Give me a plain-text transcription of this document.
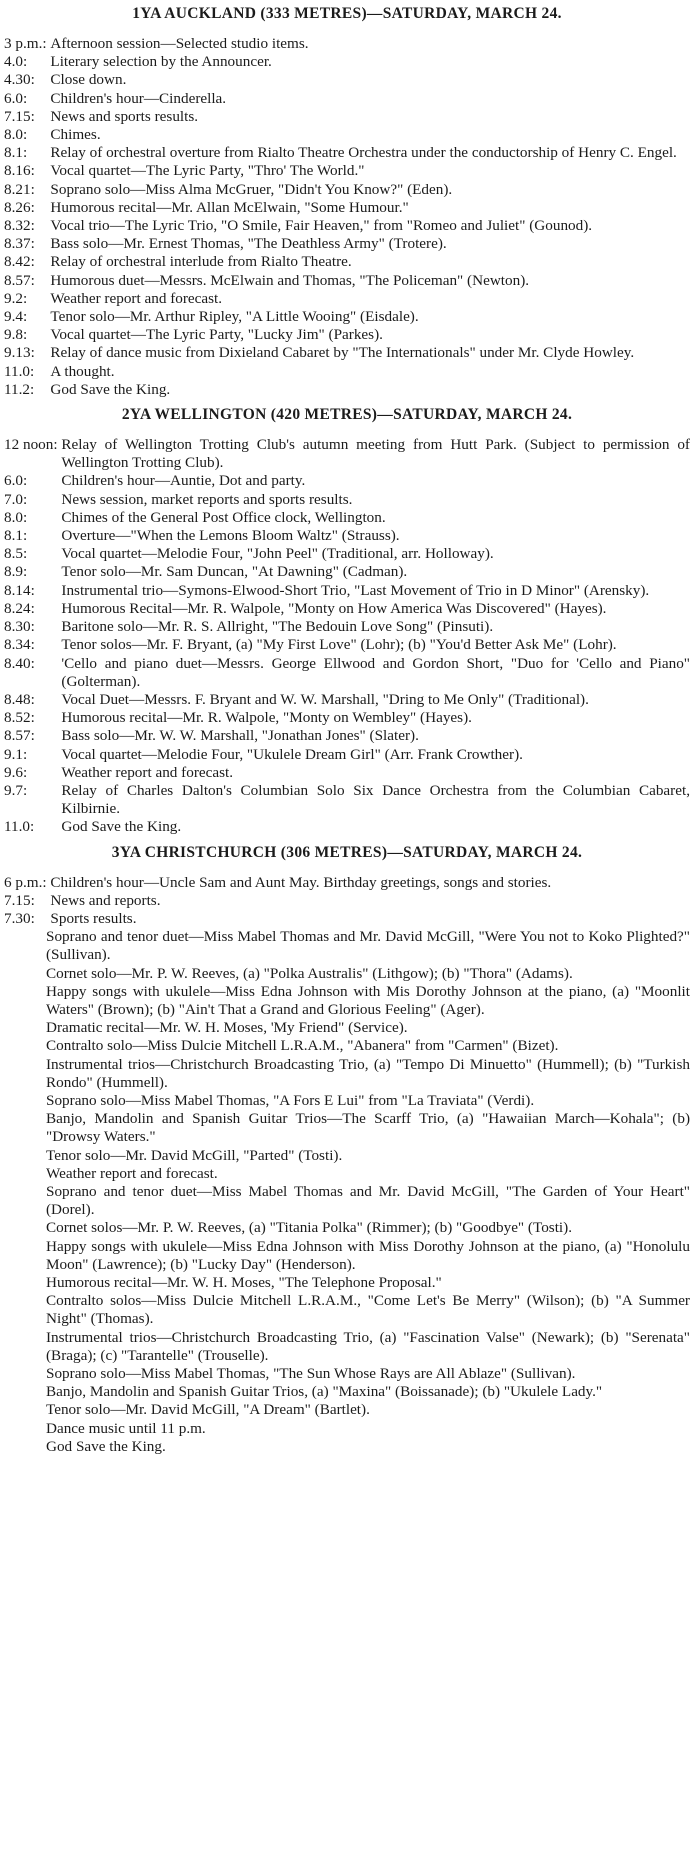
1YA AUCKLAND (333 METRES)—SATURDAY, MARCH 24.
3 p.m.: Afternoon session—Selected studio items.
4.0:	Literary selection by the Announcer.
4.30: Close down.
6.0:	Children's hour—Cinderella.
7.15: News and sports results.
8.0:	Chimes.
8.1:	Relay of orchestral overture from Rialto Theatre Orchestra under the conductorship of Henry C. Engel.
8.16: Vocal quartet—The Lyric Party, "Thro' The World."
8.21: Soprano solo—Miss Alma McGruer, "Didn't You Know?" (Eden).
8.26: Humorous recital—Mr. Allan McElwain, "Some Humour."
8.32: Vocal trio—The Lyric Trio, "O Smile, Fair Heaven," from "Romeo and Juliet" (Gounod).
8.37: Bass solo—Mr. Ernest Thomas, "The Deathless Army" (Trotere).
8.42: Relay of orchestral interlude from Rialto Theatre.
8.57: Humorous duet—Messrs. McElwain and Thomas, "The Policeman" (Newton).
9.2:	Weather report and forecast.
9.4:	Tenor solo—Mr. Arthur Ripley, "A Little Wooing" (Eisdale).
9.8:	Vocal quartet—The Lyric Party, "Lucky Jim" (Parkes).
9.13: Relay of dance music from Dixieland Cabaret by "The Internationals" under Mr. Clyde Howley.
11.0: A thought.
11.2: God Save the King.
2YA WELLINGTON (420 METRES)—SATURDAY, MARCH 24.
12 noon: Relay of Wellington Trotting Club's autumn meeting from Hutt Park. (Subject to permission of Wellington Trotting Club).
6.0:	Children's hour—Auntie, Dot and party.
7.0:	News session, market reports and sports results.
8.0:	Chimes of the General Post Office clock, Wellington.
8.1:	Overture—"When the Lemons Bloom Waltz" (Strauss).
8.5:	Vocal quartet—Melodie Four, "John Peel" (Traditional, arr. Holloway).
8.9:	Tenor solo—Mr. Sam Duncan, "At Dawning" (Cadman).
8.14:	Instrumental trio—Symons-Elwood-Short Trio, "Last Movement of Trio in D Minor" (Arensky).
8.24:	Humorous Recital—Mr. R. Walpole, "Monty on How America Was Discovered" (Hayes).
8.30:	Baritone solo—Mr. R. S. Allright, "The Bedouin Love Song" (Pinsuti).
8.34:	Tenor solos—Mr. F. Bryant, (a) "My First Love" (Lohr); (b) "You'd Better Ask Me" (Lohr).
8.40:	'Cello and piano duet—Messrs. George Ellwood and Gordon Short, "Duo for 'Cello and Piano" (Golterman).
8.48:	Vocal Duet—Messrs. F. Bryant and W. W. Marshall, "Dring to Me Only" (Traditional).
8.52:	Humorous recital—Mr. R. Walpole, "Monty on Wembley" (Hayes).
8.57:	Bass solo—Mr. W. W. Marshall, "Jonathan Jones" (Slater).
9.1:	Vocal quartet—Melodie Four, "Ukulele Dream Girl" (Arr. Frank Crowther).
9.6:	Weather report and forecast.
9.7:	Relay of Charles Dalton's Columbian Solo Six Dance Orchestra from the Columbian Cabaret, Kilbirnie.
11.0:	God Save the King.
3YA CHRISTCHURCH (306 METRES)—SATURDAY, MARCH 24.
6 p.m.: Children's hour—Uncle Sam and Aunt May. Birthday greetings, songs and stories.
7.15: News and reports.
7.30: Sports results.
Soprano and tenor duet—Miss Mabel Thomas and Mr. David McGill, "Were You not to Koko Plighted?" (Sullivan).
Cornet solo—Mr. P. W. Reeves, (a) "Polka Australis" (Lithgow); (b) "Thora" (Adams).
Happy songs with ukulele—Miss Edna Johnson with Mis Dorothy Johnson at the piano, (a) "Moonlit Waters" (Brown); (b) "Ain't That a Grand and Glorious Feeling" (Ager).
Dramatic recital—Mr. W. H. Moses, 'My Friend" (Service).
Contralto solo—Miss Dulcie Mitchell L.R.A.M., "Abanera" from "Carmen" (Bizet).
Instrumental trios—Christchurch Broadcasting Trio, (a) "Tempo Di Minuetto" (Hummell); (b) "Turkish Rondo" (Hummell).
Soprano solo—Miss Mabel Thomas, "A Fors E Lui" from "La Traviata" (Verdi).
Banjo, Mandolin and Spanish Guitar Trios—The Scarff Trio, (a) "Hawaiian March—Kohala"; (b) "Drowsy Waters."
Tenor solo—Mr. David McGill, "Parted" (Tosti).
Weather report and forecast.
Soprano and tenor duet—Miss Mabel Thomas and Mr. David McGill, "The Garden of Your Heart" (Dorel).
Cornet solos—Mr. P. W. Reeves, (a) "Titania Polka" (Rimmer); (b) "Goodbye" (Tosti).
Happy songs with ukulele—Miss Edna Johnson with Miss Dorothy Johnson at the piano, (a) "Honolulu Moon" (Lawrence); (b) "Lucky Day" (Henderson).
Humorous recital—Mr. W. H. Moses, "The Telephone Proposal."
Contralto solos—Miss Dulcie Mitchell L.R.A.M., "Come Let's Be Merry" (Wilson); (b) "A Summer Night" (Thomas).
Instrumental trios—Christchurch Broadcasting Trio, (a) "Fascination Valse" (Newark); (b) "Serenata" (Braga); (c) "Tarantelle" (Trouselle).
Soprano solo—Miss Mabel Thomas, "The Sun Whose Rays are All Ablaze" (Sullivan).
Banjo, Mandolin and Spanish Guitar Trios, (a) "Maxina" (Boissanade); (b) "Ukulele Lady."
Tenor solo—Mr. David McGill, "A Dream" (Bartlet).
Dance music until 11 p.m.
God Save the King.
